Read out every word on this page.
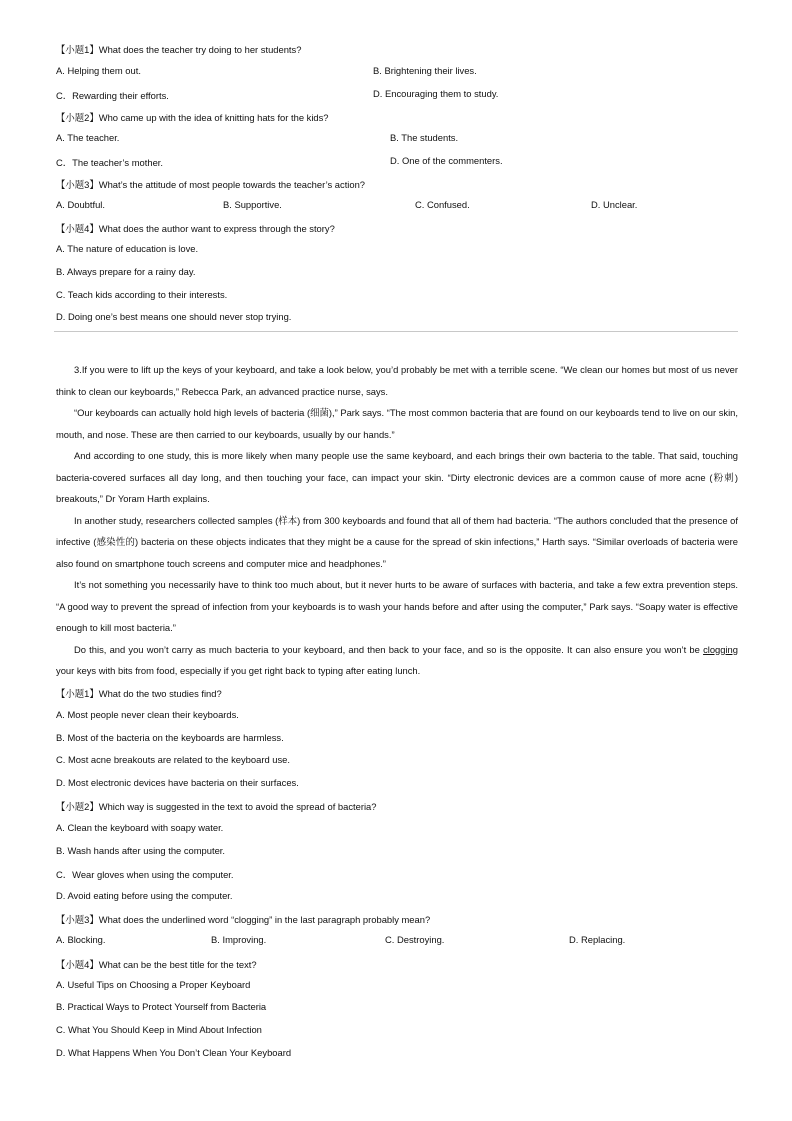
【小题1】What does the teacher try doing to her students?
A. Helping them out.	B. Brightening their lives.
C．Rewarding their efforts.	D. Encouraging them to study.
【小题2】Who came up with the idea of knitting hats for the kids?
A. The teacher.	B. The students.
C．The teacher’s mother.	D. One of the commenters.
【小题3】What’s the attitude of most people towards the teacher’s action?
A. Doubtful.	B. Supportive.	C. Confused.	D. Unclear.
【小题4】What does the author want to express through the story?
A. The nature of education is love.
B. Always prepare for a rainy day.
C. Teach kids according to their interests.
D. Doing one’s best means one should never stop trying.

3.If you were to lift up the keys of your keyboard, and take a look below, you’d probably be met with a terrible scene. “We clean our homes but most of us never think to clean our keyboards,” Rebecca Park, an advanced practice nurse, says.

“Our keyboards can actually hold high levels of bacteria (细菌),” Park says. “The most common bacteria that are found on our keyboards tend to live on our skin, mouth, and nose. These are then carried to our keyboards, usually by our hands.”

And according to one study, this is more likely when many people use the same keyboard, and each brings their own bacteria to the table. That said, touching bacteria-covered surfaces all day long, and then touching your face, can impact your skin. “Dirty electronic devices are a common cause of more acne (粉刺) breakouts,” Dr Yoram Harth explains.

In another study, researchers collected samples (样本) from 300 keyboards and found that all of them had bacteria. “The authors concluded that the presence of infective (感染性的) bacteria on these objects indicates that they might be a cause for the spread of skin infections,” Harth says. “Similar overloads of bacteria were also found on smartphone touch screens and computer mice and headphones.”

It’s not something you necessarily have to think too much about, but it never hurts to be aware of surfaces with bacteria, and take a few extra prevention steps. “A good way to prevent the spread of infection from your keyboards is to wash your hands before and after using the computer,” Park says. “Soapy water is effective enough to kill most bacteria.”

Do this, and you won’t carry as much bacteria to your keyboard, and then back to your face, and so is the opposite. It can also ensure you won’t be clogging your keys with bits from food, especially if you get right back to typing after eating lunch.

【小题1】What do the two studies find?
A. Most people never clean their keyboards.
B. Most of the bacteria on the keyboards are harmless.
C. Most acne breakouts are related to the keyboard use.
D. Most electronic devices have bacteria on their surfaces.
【小题2】Which way is suggested in the text to avoid the spread of bacteria?
A. Clean the keyboard with soapy water.
B. Wash hands after using the computer.
C．Wear gloves when using the computer.
D. Avoid eating before using the computer.
【小题3】What does the underlined word “clogging” in the last paragraph probably mean?
A. Blocking.	B. Improving.	C. Destroying.	D. Replacing.
【小题4】What can be the best title for the text?
A. Useful Tips on Choosing a Proper Keyboard
B. Practical Ways to Protect Yourself from Bacteria
C. What You Should Keep in Mind About Infection
D. What Happens When You Don’t Clean Your Keyboard
